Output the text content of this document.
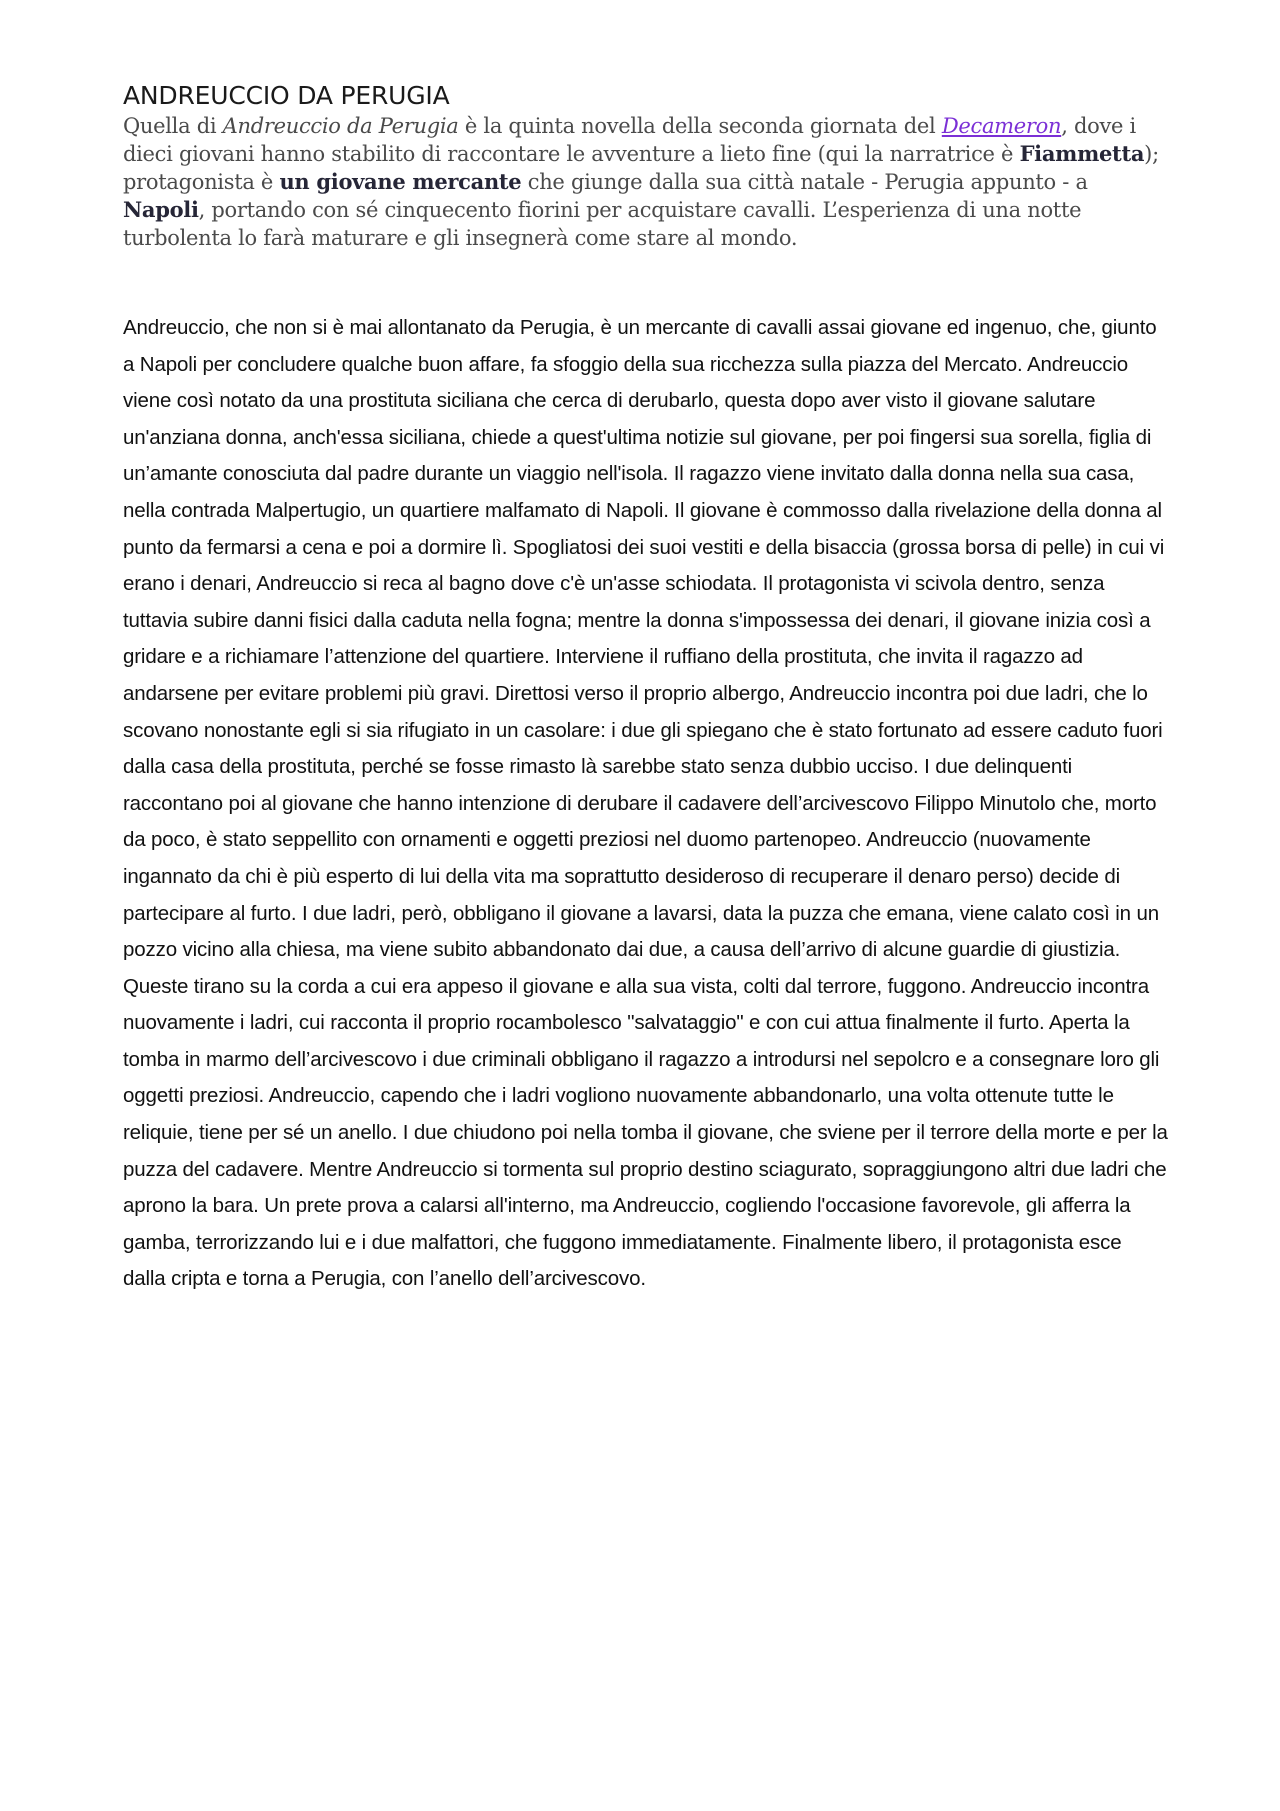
ANDREUCCIO DA PERUGIA

Quella di Andreuccio da Perugia è la quinta novella della seconda giornata del Decameron, dove i dieci giovani hanno stabilito di raccontare le avventure a lieto fine (qui la narratrice è Fiammetta); protagonista è un giovane mercante che giunge dalla sua città natale - Perugia appunto - a Napoli, portando con sé cinquecento fiorini per acquistare cavalli. L’esperienza di una notte turbolenta lo farà maturare e gli insegnerà come stare al mondo.

Andreuccio, che non si è mai allontanato da Perugia, è un mercante di cavalli assai giovane ed ingenuo, che, giunto a Napoli per concludere qualche buon affare, fa sfoggio della sua ricchezza sulla piazza del Mercato. Andreuccio viene così notato da una prostituta siciliana che cerca di derubarlo, questa dopo aver visto il giovane salutare un'anziana donna, anch'essa siciliana, chiede a quest'ultima notizie sul giovane, per poi fingersi sua sorella, figlia di un’amante conosciuta dal padre durante un viaggio nell'isola. Il ragazzo viene invitato dalla donna nella sua casa, nella contrada Malpertugio, un quartiere malfamato di Napoli. Il giovane è commosso dalla rivelazione della donna al punto da fermarsi a cena e poi a dormire lì. Spogliatosi dei suoi vestiti e della bisaccia (grossa borsa di pelle) in cui vi erano i denari, Andreuccio si reca al bagno dove c'è un'asse schiodata. Il protagonista vi scivola dentro, senza tuttavia subire danni fisici dalla caduta nella fogna; mentre la donna s'impossessa dei denari, il giovane inizia così a gridare e a richiamare l’attenzione del quartiere. Interviene il ruffiano della prostituta, che invita il ragazzo ad andarsene per evitare problemi più gravi. Direttosi verso il proprio albergo, Andreuccio incontra poi due ladri, che lo scovano nonostante egli si sia rifugiato in un casolare: i due gli spiegano che è stato fortunato ad essere caduto fuori dalla casa della prostituta, perché se fosse rimasto là sarebbe stato senza dubbio ucciso. I due delinquenti raccontano poi al giovane che hanno intenzione di derubare il cadavere dell’arcivescovo Filippo Minutolo che, morto da poco, è stato seppellito con ornamenti e oggetti preziosi nel duomo partenopeo. Andreuccio (nuovamente ingannato da chi è più esperto di lui della vita ma soprattutto desideroso di recuperare il denaro perso) decide di partecipare al furto. I due ladri, però, obbligano il giovane a lavarsi, data la puzza che emana, viene calato così in un pozzo vicino alla chiesa, ma viene subito abbandonato dai due, a causa dell’arrivo di alcune guardie di giustizia. Queste tirano su la corda a cui era appeso il giovane e alla sua vista, colti dal terrore, fuggono. Andreuccio incontra nuovamente i ladri, cui racconta il proprio rocambolesco "salvataggio" e con cui attua finalmente il furto. Aperta la tomba in marmo dell’arcivescovo i due criminali obbligano il ragazzo a introdursi nel sepolcro e a consegnare loro gli oggetti preziosi. Andreuccio, capendo che i ladri vogliono nuovamente abbandonarlo, una volta ottenute tutte le reliquie, tiene per sé un anello. I due chiudono poi nella tomba il giovane, che sviene per il terrore della morte e per la puzza del cadavere. Mentre Andreuccio si tormenta sul proprio destino sciagurato, sopraggiungono altri due ladri che aprono la bara. Un prete prova a calarsi all'interno, ma Andreuccio, cogliendo l'occasione favorevole, gli afferra la gamba, terrorizzando lui e i due malfattori, che fuggono immediatamente. Finalmente libero, il protagonista esce dalla cripta e torna a Perugia, con l’anello dell’arcivescovo.
